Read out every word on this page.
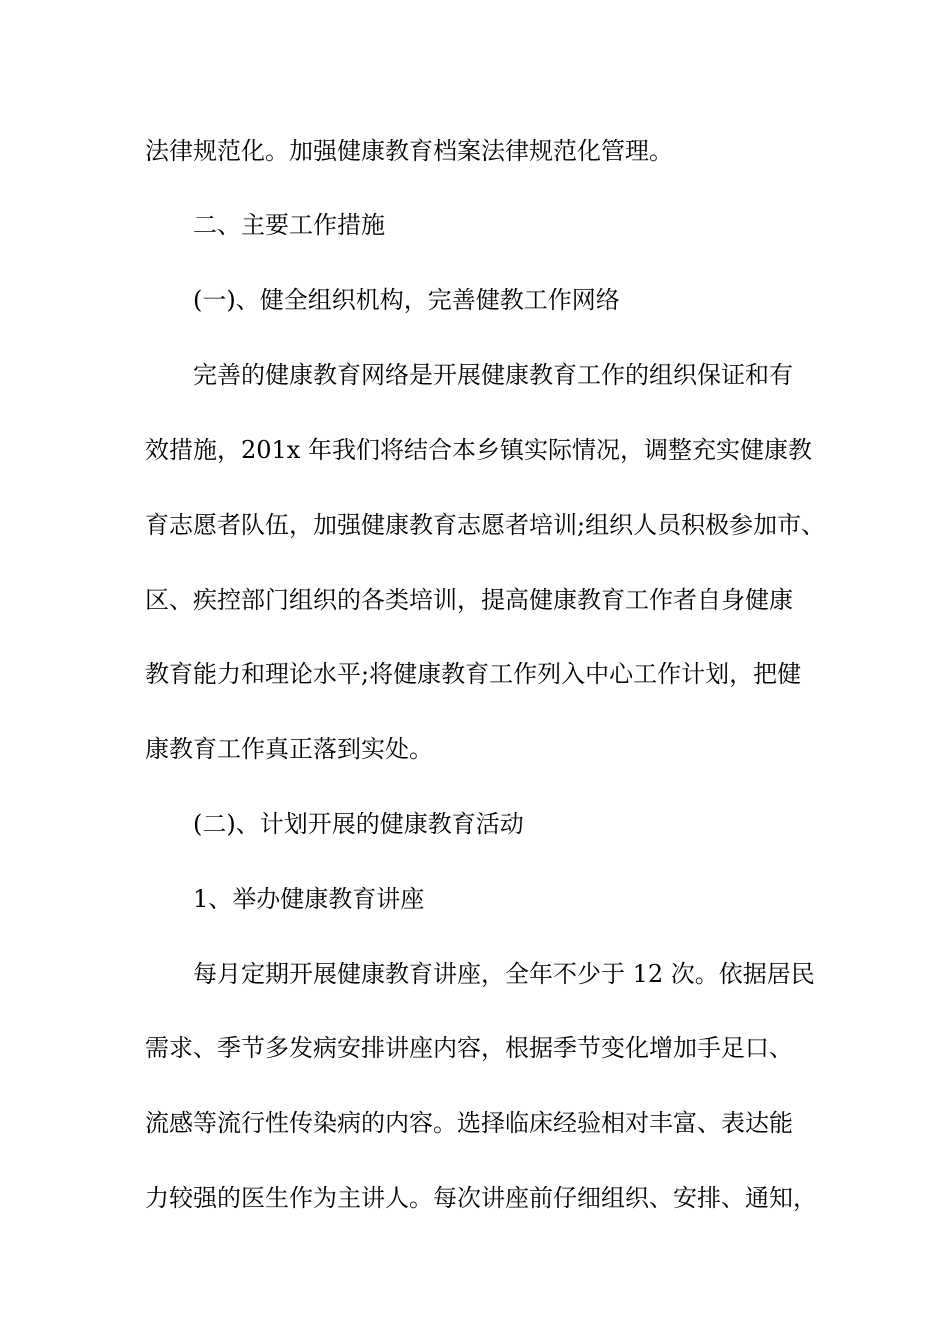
法律规范化。加强健康教育档案法律规范化管理。
二、主要工作措施
(一)、健全组织机构，完善健教工作网络
完善的健康教育网络是开展健康教育工作的组织保证和有
效措施，201x 年我们将结合本乡镇实际情况，调整充实健康教
育志愿者队伍，加强健康教育志愿者培训;组织人员积极参加市、
区、疾控部门组织的各类培训，提高健康教育工作者自身健康
教育能力和理论水平;将健康教育工作列入中心工作计划，把健
康教育工作真正落到实处。
(二)、计划开展的健康教育活动
1、举办健康教育讲座
每月定期开展健康教育讲座，全年不少于 12 次。依据居民
需求、季节多发病安排讲座内容，根据季节变化增加手足口、
流感等流行性传染病的内容。选择临床经验相对丰富、表达能
力较强的医生作为主讲人。每次讲座前仔细组织、安排、通知，
